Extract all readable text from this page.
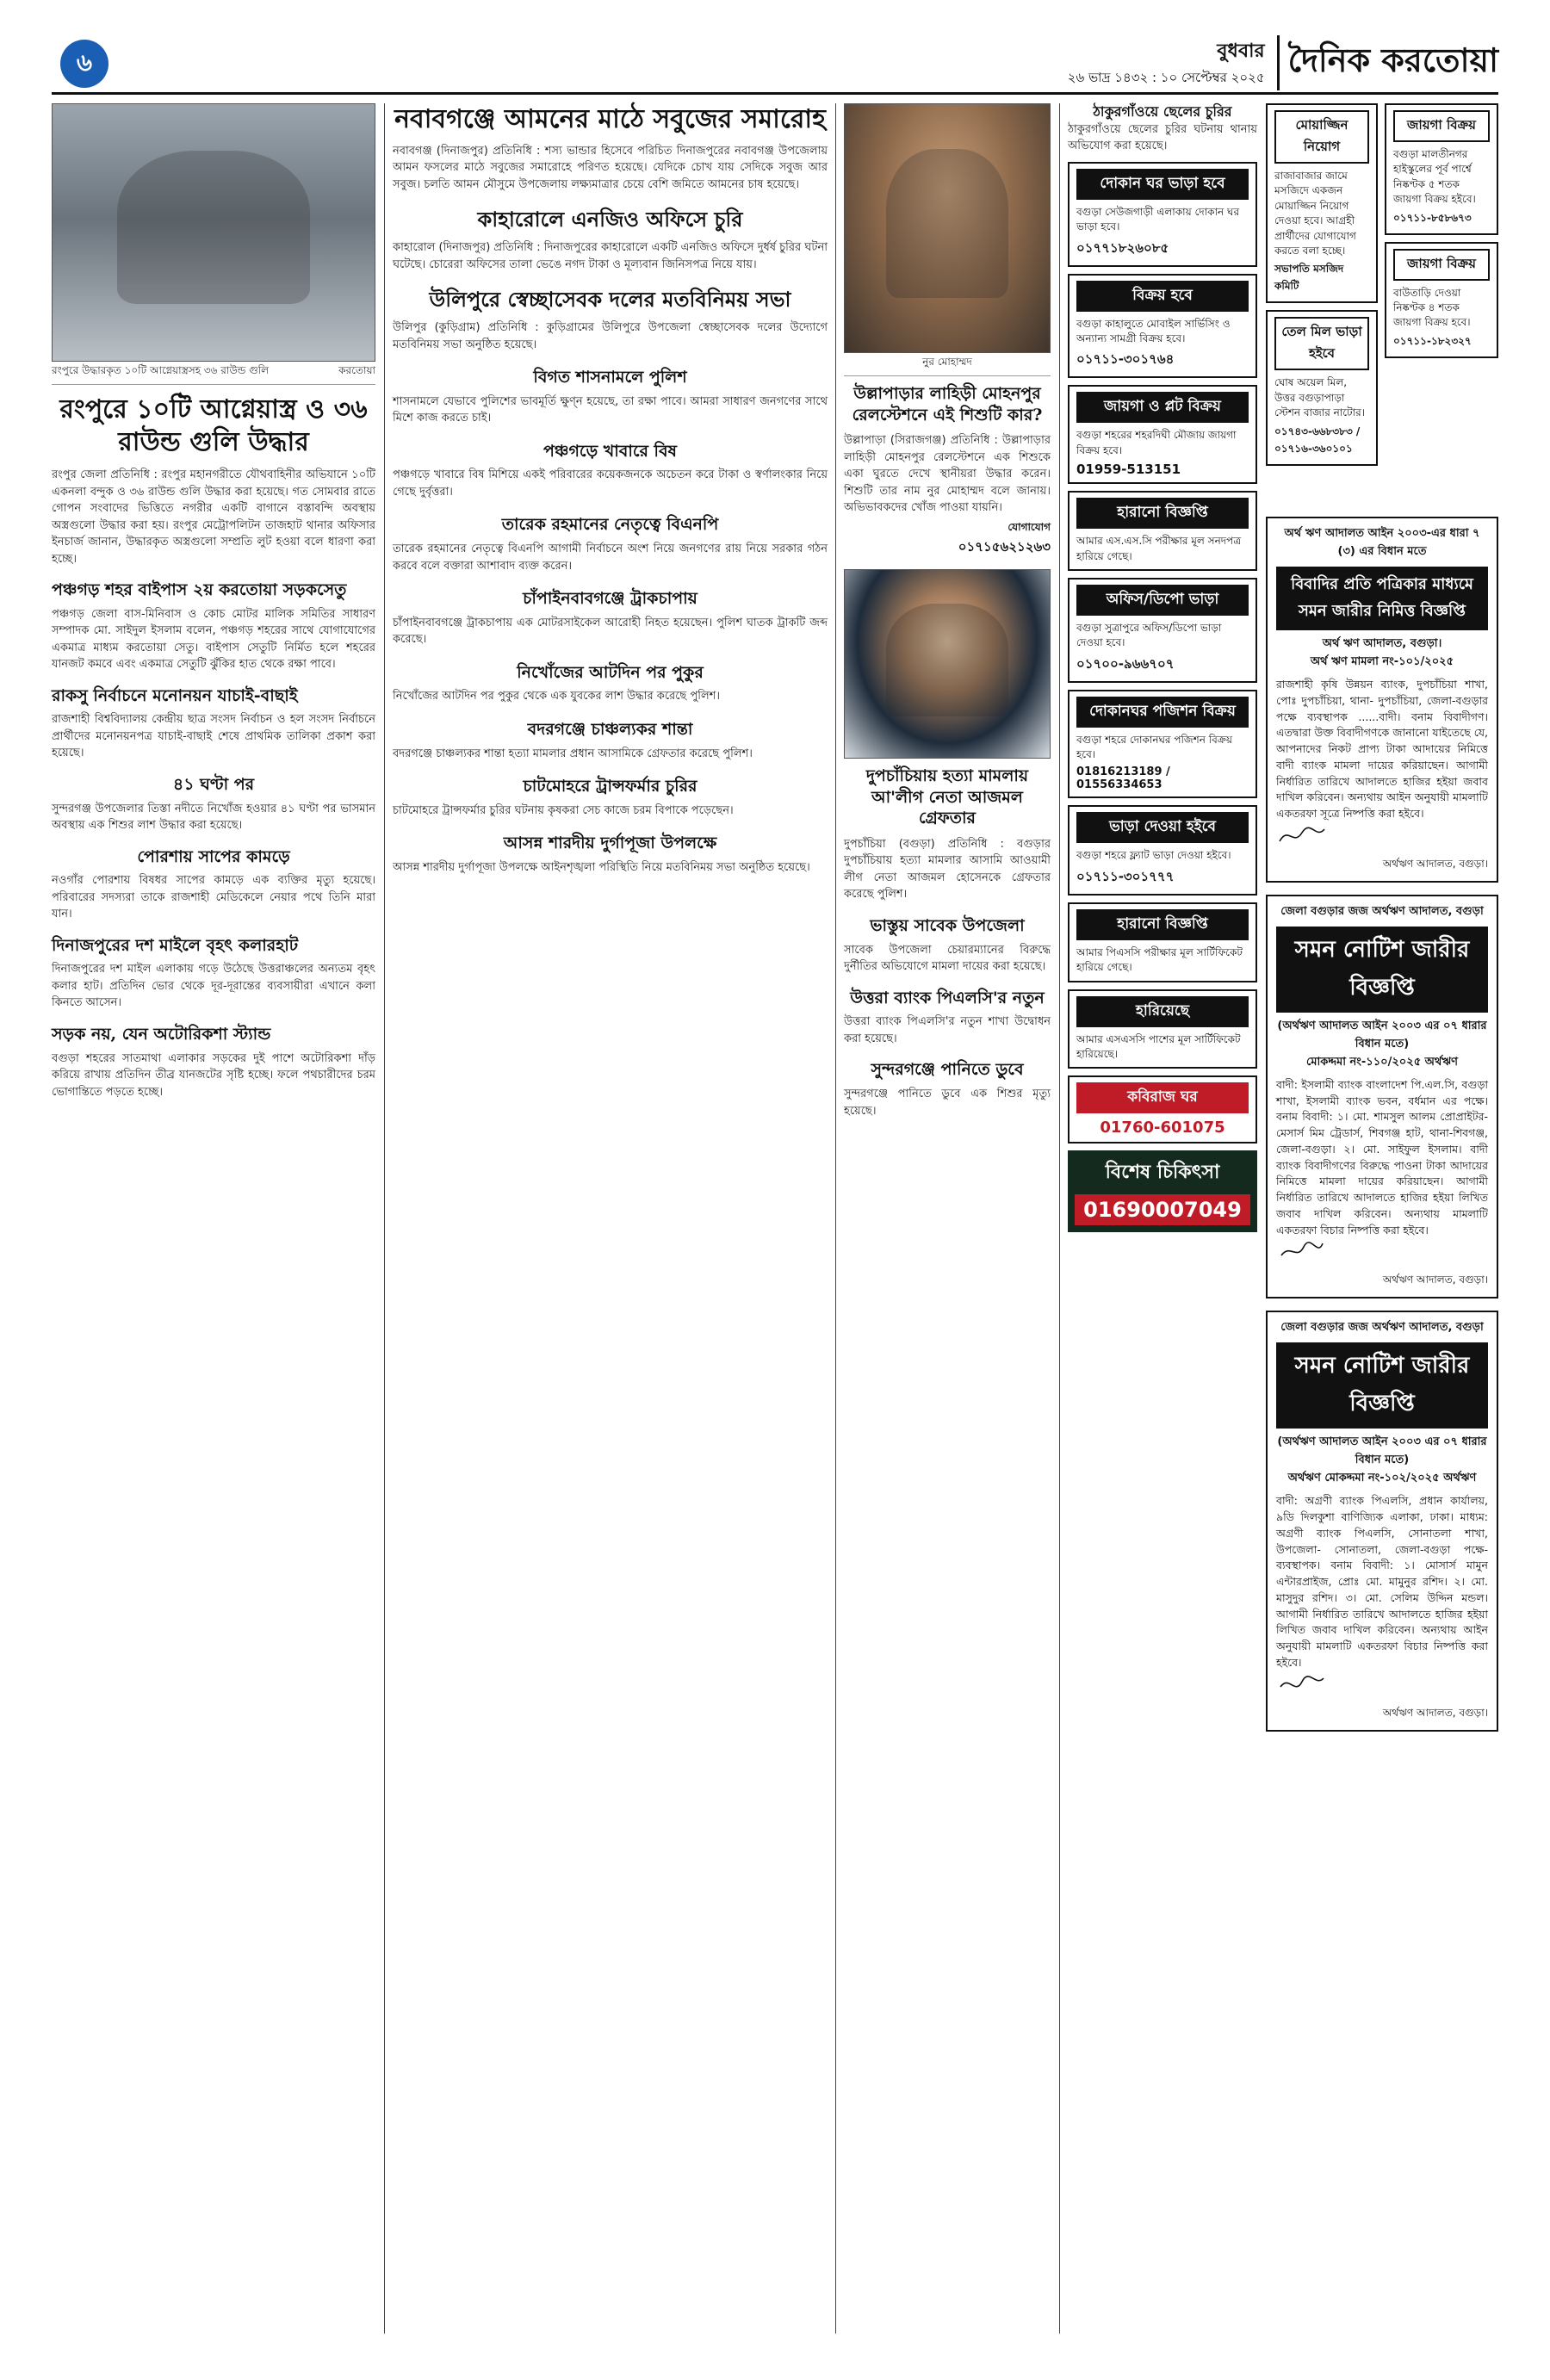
৬	বুধবার
২৬ ভাদ্র ১৪৩২ : ১০ সেপ্টেম্বর ২০২৫ দৈনিক করতোয়া
রংপুরে উদ্ধারকৃত ১০টি আগ্নেয়াস্ত্রসহ ৩৬ রাউন্ড গুলি	করতোয়া
রংপুরে ১০টি আগ্নেয়াস্ত্র ও ৩৬ রাউন্ড গুলি উদ্ধার

রংপুর জেলা প্রতিনিধি : রংপুর মহানগরীতে যৌথবাহিনীর অভিযানে ১০টি একনলা বন্দুক ও ৩৬ রাউন্ড গুলি উদ্ধার করা হয়েছে। গত সোমবার রাতে গোপন সংবাদের ভিত্তিতে নগরীর একটি বাগানে বস্তাবন্দি অবস্থায় অস্ত্রগুলো উদ্ধার করা হয়। রংপুর মেট্রোপলিটন তাজহাট থানার অফিসার ইনচার্জ জানান, উদ্ধারকৃত অস্ত্রগুলো সম্প্রতি লুট হওয়া বলে ধারণা করা হচ্ছে।

পঞ্চগড় শহর বাইপাস ২য় করতোয়া সড়কসেতু

পঞ্চগড় জেলা বাস-মিনিবাস ও কোচ মোটর মালিক সমিতির সাধারণ সম্পাদক মো. সাইদুল ইসলাম বলেন, পঞ্চগড় শহরের সাথে যোগাযোগের একমাত্র মাধ্যম করতোয়া সেতু। বাইপাস সেতুটি নির্মিত হলে শহরের যানজট কমবে এবং একমাত্র সেতুটি ঝুঁকির হাত থেকে রক্ষা পাবে।

রাকসু নির্বাচনে মনোনয়ন যাচাই-বাছাই

রাজশাহী বিশ্ববিদ্যালয় কেন্দ্রীয় ছাত্র সংসদ নির্বাচন ও হল সংসদ নির্বাচনে প্রার্থীদের মনোনয়নপত্র যাচাই-বাছাই শেষে প্রাথমিক তালিকা প্রকাশ করা হয়েছে।

৪১ ঘণ্টা পর

সুন্দরগঞ্জ উপজেলার তিস্তা নদীতে নিখোঁজ হওয়ার ৪১ ঘণ্টা পর ভাসমান অবস্থায় এক শিশুর লাশ উদ্ধার করা হয়েছে।

পোরশায় সাপের কামড়ে

নওগাঁর পোরশায় বিষধর সাপের কামড়ে এক ব্যক্তির মৃত্যু হয়েছে। পরিবারের সদস্যরা তাকে রাজশাহী মেডিকেলে নেয়ার পথে তিনি মারা যান।

দিনাজপুরের দশ মাইলে বৃহৎ কলারহাট

দিনাজপুরের দশ মাইল এলাকায় গড়ে উঠেছে উত্তরাঞ্চলের অন্যতম বৃহৎ কলার হাট। প্রতিদিন ভোর থেকে দূর-দূরান্তের ব্যবসায়ীরা এখানে কলা কিনতে আসেন।

সড়ক নয়, যেন অটোরিকশা স্ট্যান্ড

বগুড়া শহরের সাতমাথা এলাকার সড়কের দুই পাশে অটোরিকশা দাঁড় করিয়ে রাখায় প্রতিদিন তীব্র যানজটের সৃষ্টি হচ্ছে। ফলে পথচারীদের চরম ভোগান্তিতে পড়তে হচ্ছে।

নবাবগঞ্জে আমনের মাঠে সবুজের সমারোহ

নবাবগঞ্জ (দিনাজপুর) প্রতিনিধি : শস্য ভান্ডার হিসেবে পরিচিত দিনাজপুরের নবাবগঞ্জ উপজেলায় আমন ফসলের মাঠে সবুজের সমারোহে পরিণত হয়েছে। যেদিকে চোখ যায় সেদিকে সবুজ আর সবুজ। চলতি আমন মৌসুমে উপজেলায় লক্ষ্যমাত্রার চেয়ে বেশি জমিতে আমনের চাষ হয়েছে।

কাহারোলে এনজিও অফিসে চুরি

কাহারোল (দিনাজপুর) প্রতিনিধি : দিনাজপুরের কাহারোলে একটি এনজিও অফিসে দুর্ধর্ষ চুরির ঘটনা ঘটেছে। চোরেরা অফিসের তালা ভেঙে নগদ টাকা ও মূল্যবান জিনিসপত্র নিয়ে যায়।

উলিপুরে স্বেচ্ছাসেবক দলের মতবিনিময় সভা

উলিপুর (কুড়িগ্রাম) প্রতিনিধি : কুড়িগ্রামের উলিপুরে উপজেলা স্বেচ্ছাসেবক দলের উদ্যোগে মতবিনিময় সভা অনুষ্ঠিত হয়েছে।

বিগত শাসনামলে পুলিশ

শাসনামলে যেভাবে পুলিশের ভাবমূর্তি ক্ষুণ্ন হয়েছে, তা রক্ষা পাবে। আমরা সাধারণ জনগণের সাথে মিশে কাজ করতে চাই।

পঞ্চগড়ে খাবারে বিষ

পঞ্চগড়ে খাবারে বিষ মিশিয়ে একই পরিবারের কয়েকজনকে অচেতন করে টাকা ও স্বর্ণালংকার নিয়ে গেছে দুর্বৃত্তরা।

তারেক রহমানের নেতৃত্বে বিএনপি

তারেক রহমানের নেতৃত্বে বিএনপি আগামী নির্বাচনে অংশ নিয়ে জনগণের রায় নিয়ে সরকার গঠন করবে বলে বক্তারা আশাবাদ ব্যক্ত করেন।

চাঁপাইনবাবগঞ্জে ট্রাকচাপায়

চাঁপাইনবাবগঞ্জে ট্রাকচাপায় এক মোটরসাইকেল আরোহী নিহত হয়েছেন। পুলিশ ঘাতক ট্রাকটি জব্দ করেছে।

নিখোঁজের আটদিন পর পুকুর

নিখোঁজের আটদিন পর পুকুর থেকে এক যুবকের লাশ উদ্ধার করেছে পুলিশ।

বদরগঞ্জে চাঞ্চল্যকর শান্তা

বদরগঞ্জে চাঞ্চল্যকর শান্তা হত্যা মামলার প্রধান আসামিকে গ্রেফতার করেছে পুলিশ।

চাটমোহরে ট্রান্সফর্মার চুরির

চাটমোহরে ট্রান্সফর্মার চুরির ঘটনায় কৃষকরা সেচ কাজে চরম বিপাকে পড়েছেন।

আসন্ন শারদীয় দুর্গাপূজা উপলক্ষে

আসন্ন শারদীয় দুর্গাপূজা উপলক্ষে আইনশৃঙ্খলা পরিস্থিতি নিয়ে মতবিনিময় সভা অনুষ্ঠিত হয়েছে।

নুর মোহাম্মদ
উল্লাপাড়ার লাহিড়ী মোহনপুর রেলস্টেশনে এই শিশুটি কার?

উল্লাপাড়া (সিরাজগঞ্জ) প্রতিনিধি : উল্লাপাড়ার লাহিড়ী মোহনপুর রেলস্টেশনে এক শিশুকে একা ঘুরতে দেখে স্থানীয়রা উদ্ধার করেন। শিশুটি তার নাম নুর মোহাম্মদ বলে জানায়। অভিভাবকদের খোঁজ পাওয়া যায়নি।

যোগাযোগ
০১৭১৫৬২১২৬৩
দুপচাঁচিয়ায় হত্যা মামলায় আ'লীগ নেতা আজমল গ্রেফতার

দুপচাঁচিয়া (বগুড়া) প্রতিনিধি : বগুড়ার দুপচাঁচিয়ায় হত্যা মামলার আসামি আওয়ামী লীগ নেতা আজমল হোসেনকে গ্রেফতার করেছে পুলিশ।

ভাস্তুয় সাবেক উপজেলা

সাবেক উপজেলা চেয়ারম্যানের বিরুদ্ধে দুর্নীতির অভিযোগে মামলা দায়ের করা হয়েছে।

উত্তরা ব্যাংক পিএলসি'র নতুন

উত্তরা ব্যাংক পিএলসি'র নতুন শাখা উদ্বোধন করা হয়েছে।

সুন্দরগঞ্জে পানিতে ডুবে

সুন্দরগঞ্জে পানিতে ডুবে এক শিশুর মৃত্যু হয়েছে।

ঠাকুরগাঁওয়ে ছেলের চুরির

ঠাকুরগাঁওয়ে ছেলের চুরির ঘটনায় থানায় অভিযোগ করা হয়েছে।

দোকান ঘর ভাড়া হবে
বগুড়া সেউজগাড়ী এলাকায় দোকান ঘর ভাড়া হবে।
০১৭৭১৮২৬০৮৫
বিক্রয় হবে
বগুড়া কাহালুতে মোবাইল সার্ভিসিং ও অন্যান্য সামগ্রী বিক্রয় হবে।
০১৭১১-৩০১৭৬৪
জায়গা ও প্লট বিক্রয়
বগুড়া শহরের শহরদিঘী মৌজায় জায়গা বিক্রয় হবে।
01959-513151
হারানো বিজ্ঞপ্তি
আমার এস.এস.সি পরীক্ষার মূল সনদপত্র হারিয়ে গেছে।
অফিস/ডিপো ভাড়া
বগুড়া সুত্রাপুরে অফিস/ডিপো ভাড়া দেওয়া হবে।
০১৭০০-৯৬৬৭০৭
দোকানঘর পজিশন বিক্রয়
বগুড়া শহরে দোকানঘর পজিশন বিক্রয় হবে।
01816213189 / 01556334653
ভাড়া দেওয়া হইবে
বগুড়া শহরে ফ্ল্যাট ভাড়া দেওয়া হইবে।
০১৭১১-৩০১৭৭৭
হারানো বিজ্ঞপ্তি
আমার পিএসসি পরীক্ষার মূল সার্টিফিকেট হারিয়ে গেছে।
হারিয়েছে
আমার এসএসসি পাশের মূল সার্টিফিকেট হারিয়েছে।
কবিরাজ ঘর
01760-601075
বিশেষ চিকিৎসা
01690007049
মোয়াজ্জিন নিয়োগ
রাজাবাজার জামে মসজিদে একজন মোয়াজ্জিন নিয়োগ দেওয়া হবে। আগ্রহী প্রার্থীদের যোগাযোগ করতে বলা হচ্ছে।
সভাপতি মসজিদ কমিটি
তেল মিল ভাড়া হইবে
ঘোষ অয়েল মিল, উত্তর বগুড়াপাড়া স্টেশন বাজার নাটোর।
০১৭৪৩-৬৬৮৩৮৩ / ০১৭১৬-৩৬০১০১
জায়গা বিক্রয়
বগুড়া মালতীনগর হাইস্কুলের পূর্ব পার্শ্বে নিষ্কণ্টক ৫ শতক জায়গা বিক্রয় হইবে।
০১৭১১-৮৫৮৬৭৩
জায়গা বিক্রয়
বাউতাড়ি দেওয়া নিষ্কণ্টক ৪ শতক জায়গা বিক্রয় হবে।
০১৭১১-১৮২৩২৭
অর্থ ঋণ আদালত আইন ২০০৩-এর ধারা ৭ (৩) এর বিধান মতে
বিবাদির প্রতি পত্রিকার মাধ্যমে সমন জারীর নিমিত্ত বিজ্ঞপ্তি
অর্থ ঋণ আদালত, বগুড়া।
অর্থ ঋণ মামলা নং-১০১/২০২৫
রাজশাহী কৃষি উন্নয়ন ব্যাংক, দুপচাঁচিয়া শাখা, পোঃ দুপচাঁচিয়া, থানা- দুপচাঁচিয়া, জেলা-বগুড়ার পক্ষে ব্যবস্থাপক ......বাদী। বনাম বিবাদীগণ। এতদ্বারা উক্ত বিবাদীগণকে জানানো যাইতেছে যে, আপনাদের নিকট প্রাপ্য টাকা আদায়ের নিমিত্তে বাদী ব্যাংক মামলা দায়ের করিয়াছেন। আগামী নির্ধারিত তারিখে আদালতে হাজির হইয়া জবাব দাখিল করিবেন। অন্যথায় আইন অনুযায়ী মামলাটি একতরফা সূত্রে নিষ্পত্তি করা হইবে।
অর্থঋণ আদালত, বগুড়া।
জেলা বগুড়ার জজ অর্থঋণ আদালত, বগুড়া
সমন নোটিশ জারীর বিজ্ঞপ্তি
(অর্থঋণ আদালত আইন ২০০৩ এর ০৭ ধারার বিধান মতে)
মোকদ্দমা নং-১১০/২০২৫ অর্থঋণ
বাদী: ইসলামী ব্যাংক বাংলাদেশ পি.এল.সি, বগুড়া শাখা, ইসলামী ব্যাংক ভবন, বর্ধমান এর পক্ষে। বনাম বিবাদী: ১। মো. শামসুল আলম প্রোপ্রাইটর-মেসার্স মিম ট্রেডার্স, শিবগঞ্জ হাট, থানা-শিবগঞ্জ, জেলা-বগুড়া। ২। মো. সাইফুল ইসলাম। বাদী ব্যাংক বিবাদীগণের বিরুদ্ধে পাওনা টাকা আদায়ের নিমিত্তে মামলা দায়ের করিয়াছেন। আগামী নির্ধারিত তারিখে আদালতে হাজির হইয়া লিখিত জবাব দাখিল করিবেন। অন্যথায় মামলাটি একতরফা বিচার নিষ্পত্তি করা হইবে।
অর্থঋণ আদালত, বগুড়া।
জেলা বগুড়ার জজ অর্থঋণ আদালত, বগুড়া
সমন নোটিশ জারীর বিজ্ঞপ্তি
(অর্থঋণ আদালত আইন ২০০৩ এর ০৭ ধারার বিধান মতে)
অর্থঋণ মোকদ্দমা নং-১০২/২০২৫ অর্থঋণ
বাদী: অগ্রণী ব্যাংক পিএলসি, প্রধান কার্যালয়, ৯ডি দিলকুশা বাণিজ্যিক এলাকা, ঢাকা। মাধ্যম: অগ্রণী ব্যাংক পিএলসি, সোনাতলা শাখা, উপজেলা- সোনাতলা, জেলা-বগুড়া পক্ষে-ব্যবস্থাপক। বনাম বিবাদী: ১। মোসার্স মামুন এন্টারপ্রাইজ, প্রোঃ মো. মামুনুর রশিদ। ২। মো. মাসুদুর রশিদ। ৩। মো. সেলিম উদ্দিন মন্ডল। আগামী নির্ধারিত তারিখে আদালতে হাজির হইয়া লিখিত জবাব দাখিল করিবেন। অন্যথায় আইন অনুযায়ী মামলাটি একতরফা বিচার নিষ্পত্তি করা হইবে।
অর্থঋণ আদালত, বগুড়া।
